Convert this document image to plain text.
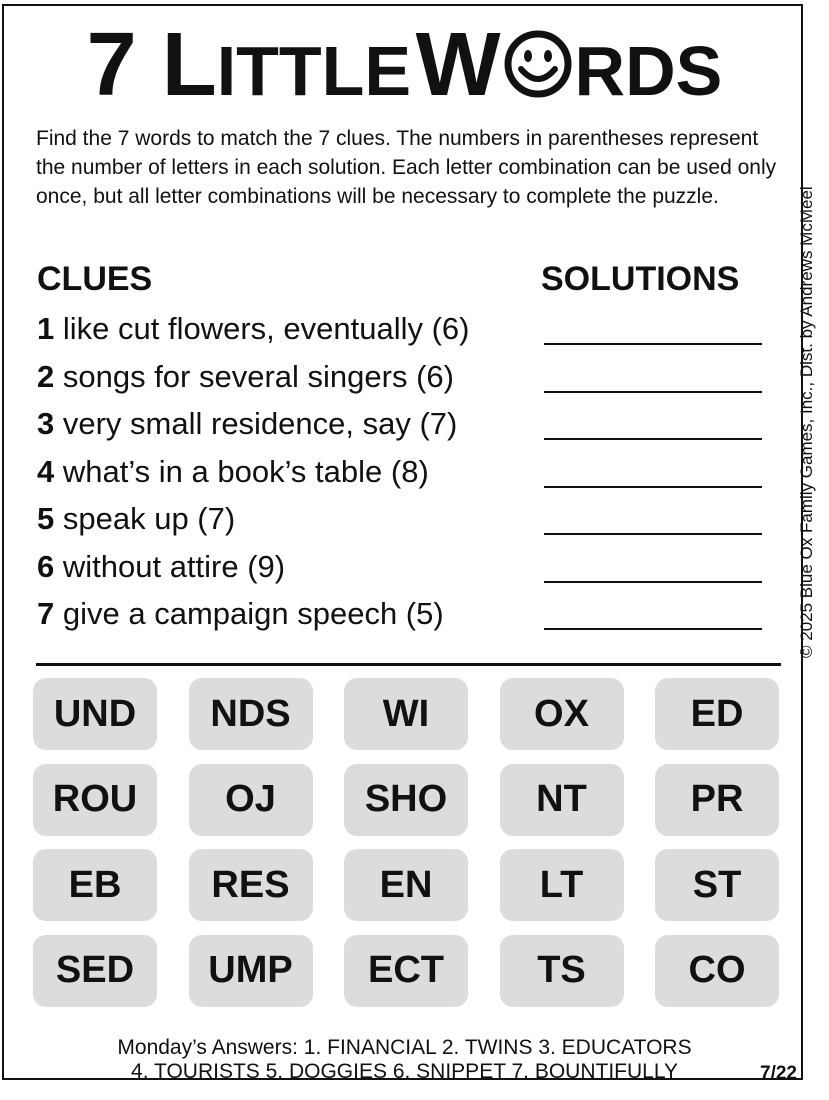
7 LITTLE W RDS

Find the 7 words to match the 7 clues. The numbers in parentheses represent the number of letters in each solution. Each letter combination can be used only once, but all letter combinations will be necessary to complete the puzzle.

CLUES	SOLUTIONS
1 like cut flowers, eventually (6)
2 songs for several singers (6)
3 very small residence, say (7)
4 what’s in a book’s table (8)
5 speak up (7)
6 without attire (9)
7 give a campaign speech (5)	© 2025 Blue Ox Family Games, Inc., Dist. by Andrews McMeel
UND	NDS	WI	OX	ED
ROU	OJ	SHO	NT	PR
EB	RES	EN	LT	ST
SED	UMP	ECT	TS	CO
Monday’s Answers: 1. FINANCIAL 2. TWINS 3. EDUCATORS
4. TOURISTS 5. DOGGIES 6. SNIPPET 7. BOUNTIFULLY	7/22
